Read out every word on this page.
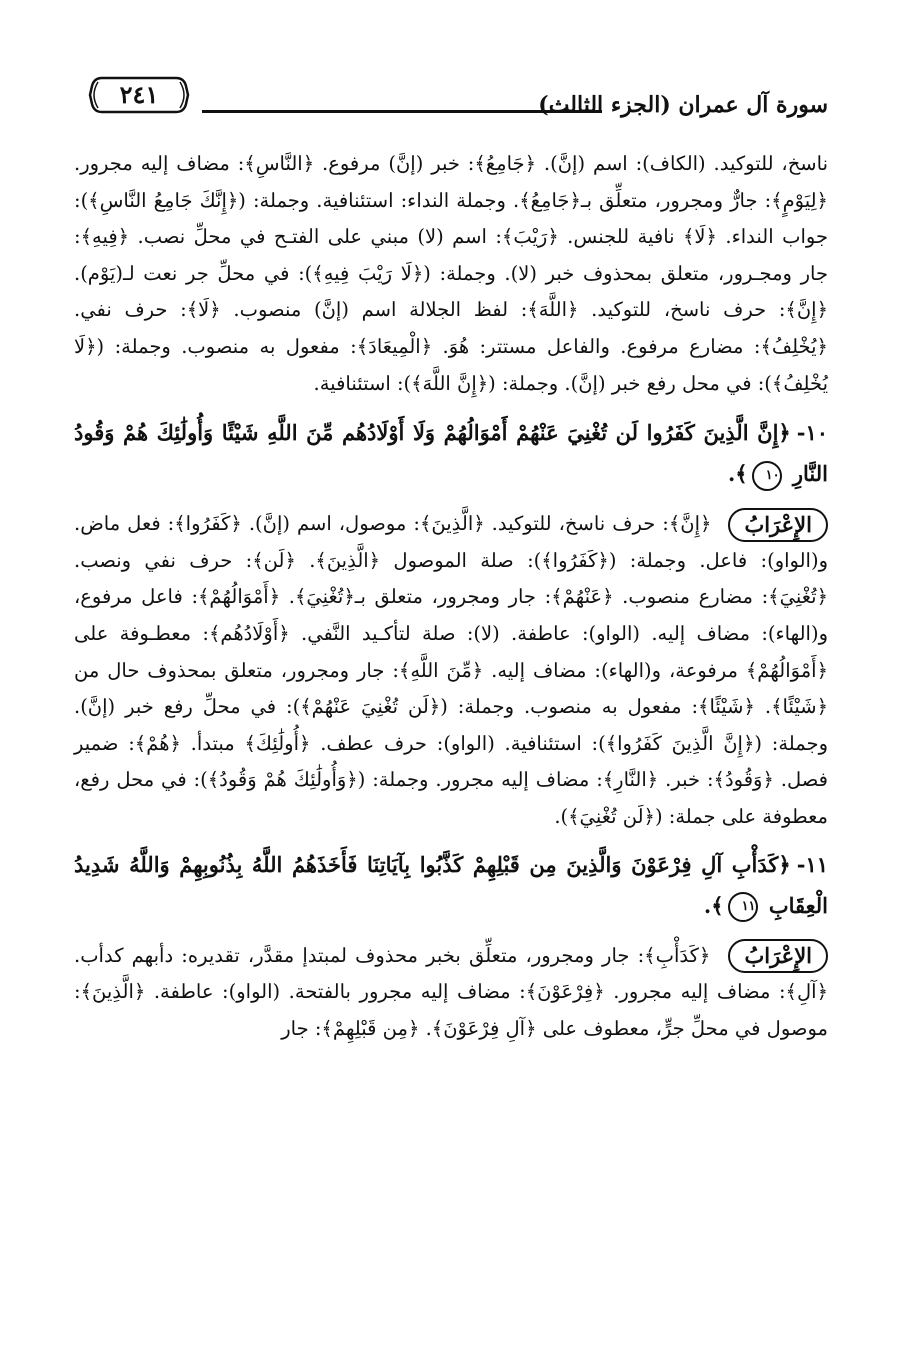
٢٤١	سورة آل عمران (الجزء الثالث)

ناسخ، للتوكيد. (الكاف): اسم (إنَّ). ﴿جَامِعُ﴾: خبر (إنَّ) مرفوع. ﴿النَّاسِ﴾: مضاف إليه مجرور. ﴿لِيَوْمٍ﴾: جارٌّ ومجرور، متعلِّق بـ﴿جَامِعُ﴾. وجملة النداء: استئنافية. وجملة: (﴿إِنَّكَ جَامِعُ النَّاسِ﴾): جواب النداء. ﴿لَا﴾ نافية للجنس. ﴿رَيْبَ﴾: اسم (لا) مبني على الفتـح في محلِّ نصب. ﴿فِيهِ﴾: جار ومجـرور، متعلق بمحذوف خبر (لا). وجملة: (﴿لَا رَيْبَ فِيهِ﴾): في محلِّ جر نعت لـ(يَوْم). ﴿إِنَّ﴾: حرف ناسخ، للتوكيد. ﴿اللَّهَ﴾: لفظ الجلالة اسم (إنَّ) منصوب. ﴿لَا﴾: حرف نفي. ﴿يُخْلِفُ﴾: مضارع مرفوع. والفاعل مستتر: هُوَ. ﴿الْمِيعَادَ﴾: مفعول به منصوب. وجملة: (﴿لَا يُخْلِفُ﴾): في محل رفع خبر (إنَّ). وجملة: (﴿إِنَّ اللَّهَ﴾): استئنافية.

١٠-﴿إِنَّ الَّذِينَ كَفَرُوا لَن تُغْنِيَ عَنْهُمْ أَمْوَالُهُمْ وَلَا أَوْلَادُهُم مِّنَ اللَّهِ شَيْئًا وَأُولَٰئِكَ هُمْ وَقُودُ النَّارِ ١٠﴾.

الإِعْرَابُ ﴿إِنَّ﴾: حرف ناسخ، للتوكيد. ﴿الَّذِينَ﴾: موصول، اسم (إنَّ). ﴿كَفَرُوا﴾: فعل ماض. و(الواو): فاعل. وجملة: (﴿كَفَرُوا﴾): صلة الموصول ﴿الَّذِينَ﴾. ﴿لَن﴾: حرف نفي ونصب. ﴿تُغْنِيَ﴾: مضارع منصوب. ﴿عَنْهُمْ﴾: جار ومجرور، متعلق بـ﴿تُغْنِيَ﴾. ﴿أَمْوَالُهُمْ﴾: فاعل مرفوع، و(الهاء): مضاف إليه. (الواو): عاطفة. (لا): صلة لتأكـيد النَّفي. ﴿أَوْلَادُهُم﴾: معطـوفة على ﴿أَمْوَالُهُمْ﴾ مرفوعة، و(الهاء): مضاف إليه. ﴿مِّنَ اللَّهِ﴾: جار ومجرور، متعلق بمحذوف حال من ﴿شَيْئًا﴾. ﴿شَيْئًا﴾: مفعول به منصوب. وجملة: (﴿لَن تُغْنِيَ عَنْهُمْ﴾): في محلِّ رفع خبر (إنَّ). وجملة: (﴿إِنَّ الَّذِينَ كَفَرُوا﴾): استئنافية. (الواو): حرف عطف. ﴿أُولَٰئِكَ﴾ مبتدأ. ﴿هُمْ﴾: ضمير فصل. ﴿وَقُودُ﴾: خبر. ﴿النَّارِ﴾: مضاف إليه مجرور. وجملة: (﴿وَأُولَٰئِكَ هُمْ وَقُودُ﴾): في محل رفع، معطوفة على جملة: (﴿لَن تُغْنِيَ﴾).

١١-﴿كَدَأْبِ آلِ فِرْعَوْنَ وَالَّذِينَ مِن قَبْلِهِمْ كَذَّبُوا بِآيَاتِنَا فَأَخَذَهُمُ اللَّهُ بِذُنُوبِهِمْ وَاللَّهُ شَدِيدُ الْعِقَابِ ١١﴾.

الإِعْرَابُ ﴿كَدَأْبِ﴾: جار ومجرور، متعلِّق بخبر محذوف لمبتدإ مقدَّر، تقديره: دأبهم كدأب. ﴿آلِ﴾: مضاف إليه مجرور. ﴿فِرْعَوْنَ﴾: مضاف إليه مجرور بالفتحة. (الواو): عاطفة. ﴿الَّذِينَ﴾: موصول في محلِّ جرٍّ، معطوف على ﴿آلِ فِرْعَوْنَ﴾. ﴿مِن قَبْلِهِمْ﴾: جار
